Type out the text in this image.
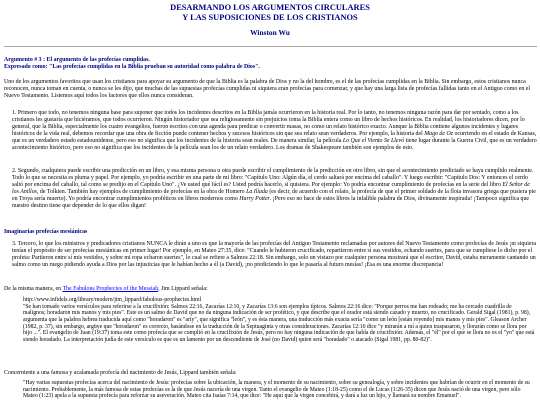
DESARMANDO LOS ARGUMENTOS CIRCULARES
Y LAS SUPOSICIONES DE LOS CRISTIANOS
Winston Wu
Argumento # 3 : El argumento de las profecías cumplidas.
Expresado como: "Las profecías cumplidas en la Biblia prueban su autoridad como palabra de Dios".

Uno de los argumentos favoritos que usan los cristianos para apoyar su argumento de que la Biblia es la palabra de Dios y no la del hombre, es el de las profecías cumplidas en la Biblia. Sin embargo, estos cristianos nunca reconocen, nunca toman en cuenta, o nunca se les dijo, que muchas de las supuestas profecías cumplidas ni siquiera eran profecías para comenzar, y que hay una larga lista de profecías fallidas tanto en el Antiguo como en el Nuevo Testamento. Listemos aquí todos los factores que ellos nunca consideran.

1. Primero que todo, no tenemos ninguna base para suponer que todos los incidentes descritos en la Biblia jamás ocurrieron en la historia real. Por lo tanto, no tenemos ninguna razón para dar por sentado, como a los cristianos les gustaría que hiciéramos, que todos ocurrieron. Ningún historiador que sea religiosamente sin prejuicios toma la Biblia entera como un libro de hechos históricos. En realidad, los historiadores dicen, por lo general, que la Biblia, especialmente los cuatro evangelios, fueron escritos con una agenda para predicar o convertir masas, no como un relato histórico exacto. Aunque la Biblia contiene algunos incidentes y lugares históricos de la vida real, debemos recordar que una obra de ficción puede contener hechos y sucesos históricos sin que sea relato sean verdaderos. Por ejemplo, la historia del Mago de Oz ocurriendo en el estado de Kansas, que es un verdadero estado estadounidense, pero eso no significa que los incidentes de la historia sean reales. De manera similar, la película Lo Que el Viento Se Llevó tiene lugar durante la Guerra Civil, que es un verdadero acontecimiento histórico, pero eso no significa que los incidentes de la película sean los de un relato verdadero. Los dramas de Shakespeare también son ejemplos de esto.
2. Segundo, cualquiera puede escribir una predicción en un libro, y esa misma persona u otra puede escribir el cumplimiento de la predicción en otro libro, sin que el acontecimiento predictado se haya cumplido realmente. Todo lo que se necesita es pluma y papel. Por ejemplo, yo podría escribir en una parte de mi libro: "Capítulo Uno: Algún día, el cerdo saltará por encima del caballo". Y luego escribir: "Capítulo Dos: Y entonces el cerdo saltó por encima del caballo, tal como se predijo en el Capítulo Uno". ¿Ve usted qué fácil es? Usted podría hacerlo, si quisiera. Por ejemplo: Yo podría encontrar cumplimiento de profecías en la serie del libro El Señor de los Anillos, de Tolkien. También hay ejemplos de cumplimiento de profecías en la obra de Homero La Ilíada (es decir, de acuerdo con el relato, la profecía de que el primer soldado de la flota invasora griega que pusiera pie en Troya sería muerto). Yo podría encontrar cumplimientos proféticos en libros modernos como Harry Potter. ¡Pero eso no hace de estos libros la infalible palabra de Dios, divinamente inspirada! ¡Tampoco significa que nuestro destino tiene que depender de lo que ellos digan!
Imaginarias profecías mesiánicas
3. Tercero, lo que los ministros y predicadores cristianos NUNCA le dirán a uno es que la mayoría de las profecías del Antiguo Testamento reclamadas por autores del Nuevo Testamento como profecías de Jesús ¡ni siquiera tenían el propósito de ser profecías mesiánicas en primer lugar! Por ejemplo, en Mateo 27:35, dice: "Cuando le hubieron crucificado, repartieron entre sí sus vestidos, echando suertes, para que se cumpliese lo dicho por el profeta: Partieron entre sí mis vestidos, y sobre mi ropa echaron suertes", lo cual se refiere a Salmos 22:18. Sin embargo, solo un vistazo por cualquier persona mostrará que el escritor, David, estaba meramente cantando un salmo como un ruego pidiendo ayuda a Dios por las injusticias que le habían hecho a él (a David), ¡no prediciendo lo que le pasaría al futuro mesías! ¡Esa es una enorme discrepancia!

De la misma manera, en The Fabulous Prophecies of the Messiah, Jim Lippard señala:

http://www.infidels.org/library/modern/jim_lippard/fabulous-prophecies.html
"Se han tomado varios versículos para referirse a la crucifixión: Salmos 22:16, Zacarías 12:10, y Zacarías 13:6 son ejemplos típicos. Salmos 22:16 dice: "Porque perros me han rodeado; me ha cercado cuadrilla de malignos; horadaron mis manos y mis pies". Este es un salmo de David que no da ninguna indicación de ser profético, y que describe que el orador está siendo cazado y muerto, no crucificado. Gerald Sigal (1981), p. 98), argumenta que la palabra hebrea traducida aquí como "horadaron" es "ariy", que significa "león", y es ésta manera, una traducción más exacta sería "como un león [están royendo] mis manos y mis pies". Gleason Archer (1982, p. 37), sin embargo, argüye que "horadaron" es correcto, basándose en la traducción de la Septuaginta y otras consideraciones. Zacarías 12:10 dice "y mirarán a mí a quien traspasaron, y llorarán como se llora por hijo ...". El evangelio de Juan (19:37) toma este como profecía que se cumplió en la crucifixión de Jesús, pero no hay ninguna indicación de que habla de crucifixión. Además, el "él" por el que se llora no es el "yo" que está siendo horadado. La interpretación judía de este versículo es que es un lamento por un descendiente de José (no David) quien será "horadado" o atacado (Sigal 1981, pp. 80-82)".

Concerniente a una famosa y acalamada profecía del nacimiento de Jesús, Lippard también señala:

"Hay varias supuestas profecías acerca del nacimiento de Jesús: profecías sobre la ubicación, la manera, y el momento de su nacimiento, sobre su genealogía, y sobre incidentes que habrían de ocurrir en el momento de su nacimiento. Probablemente, la más famosa de estas profecías es la de que Jesús nacería de una virgen. Tanto el evangelio de Mateo (1:18-25) como el de Lucas (1:26-35) dicen que Jesús nació de una virgen, pero sólo Mateo (1:23) apela a la supuesta profecía para reforzar su aseveración. Mateo cita Isaías 7:14, que dice: "He aquí que la virgen concebirá, y dará a luz un hijo, y llamará su nombre Emanuel".
